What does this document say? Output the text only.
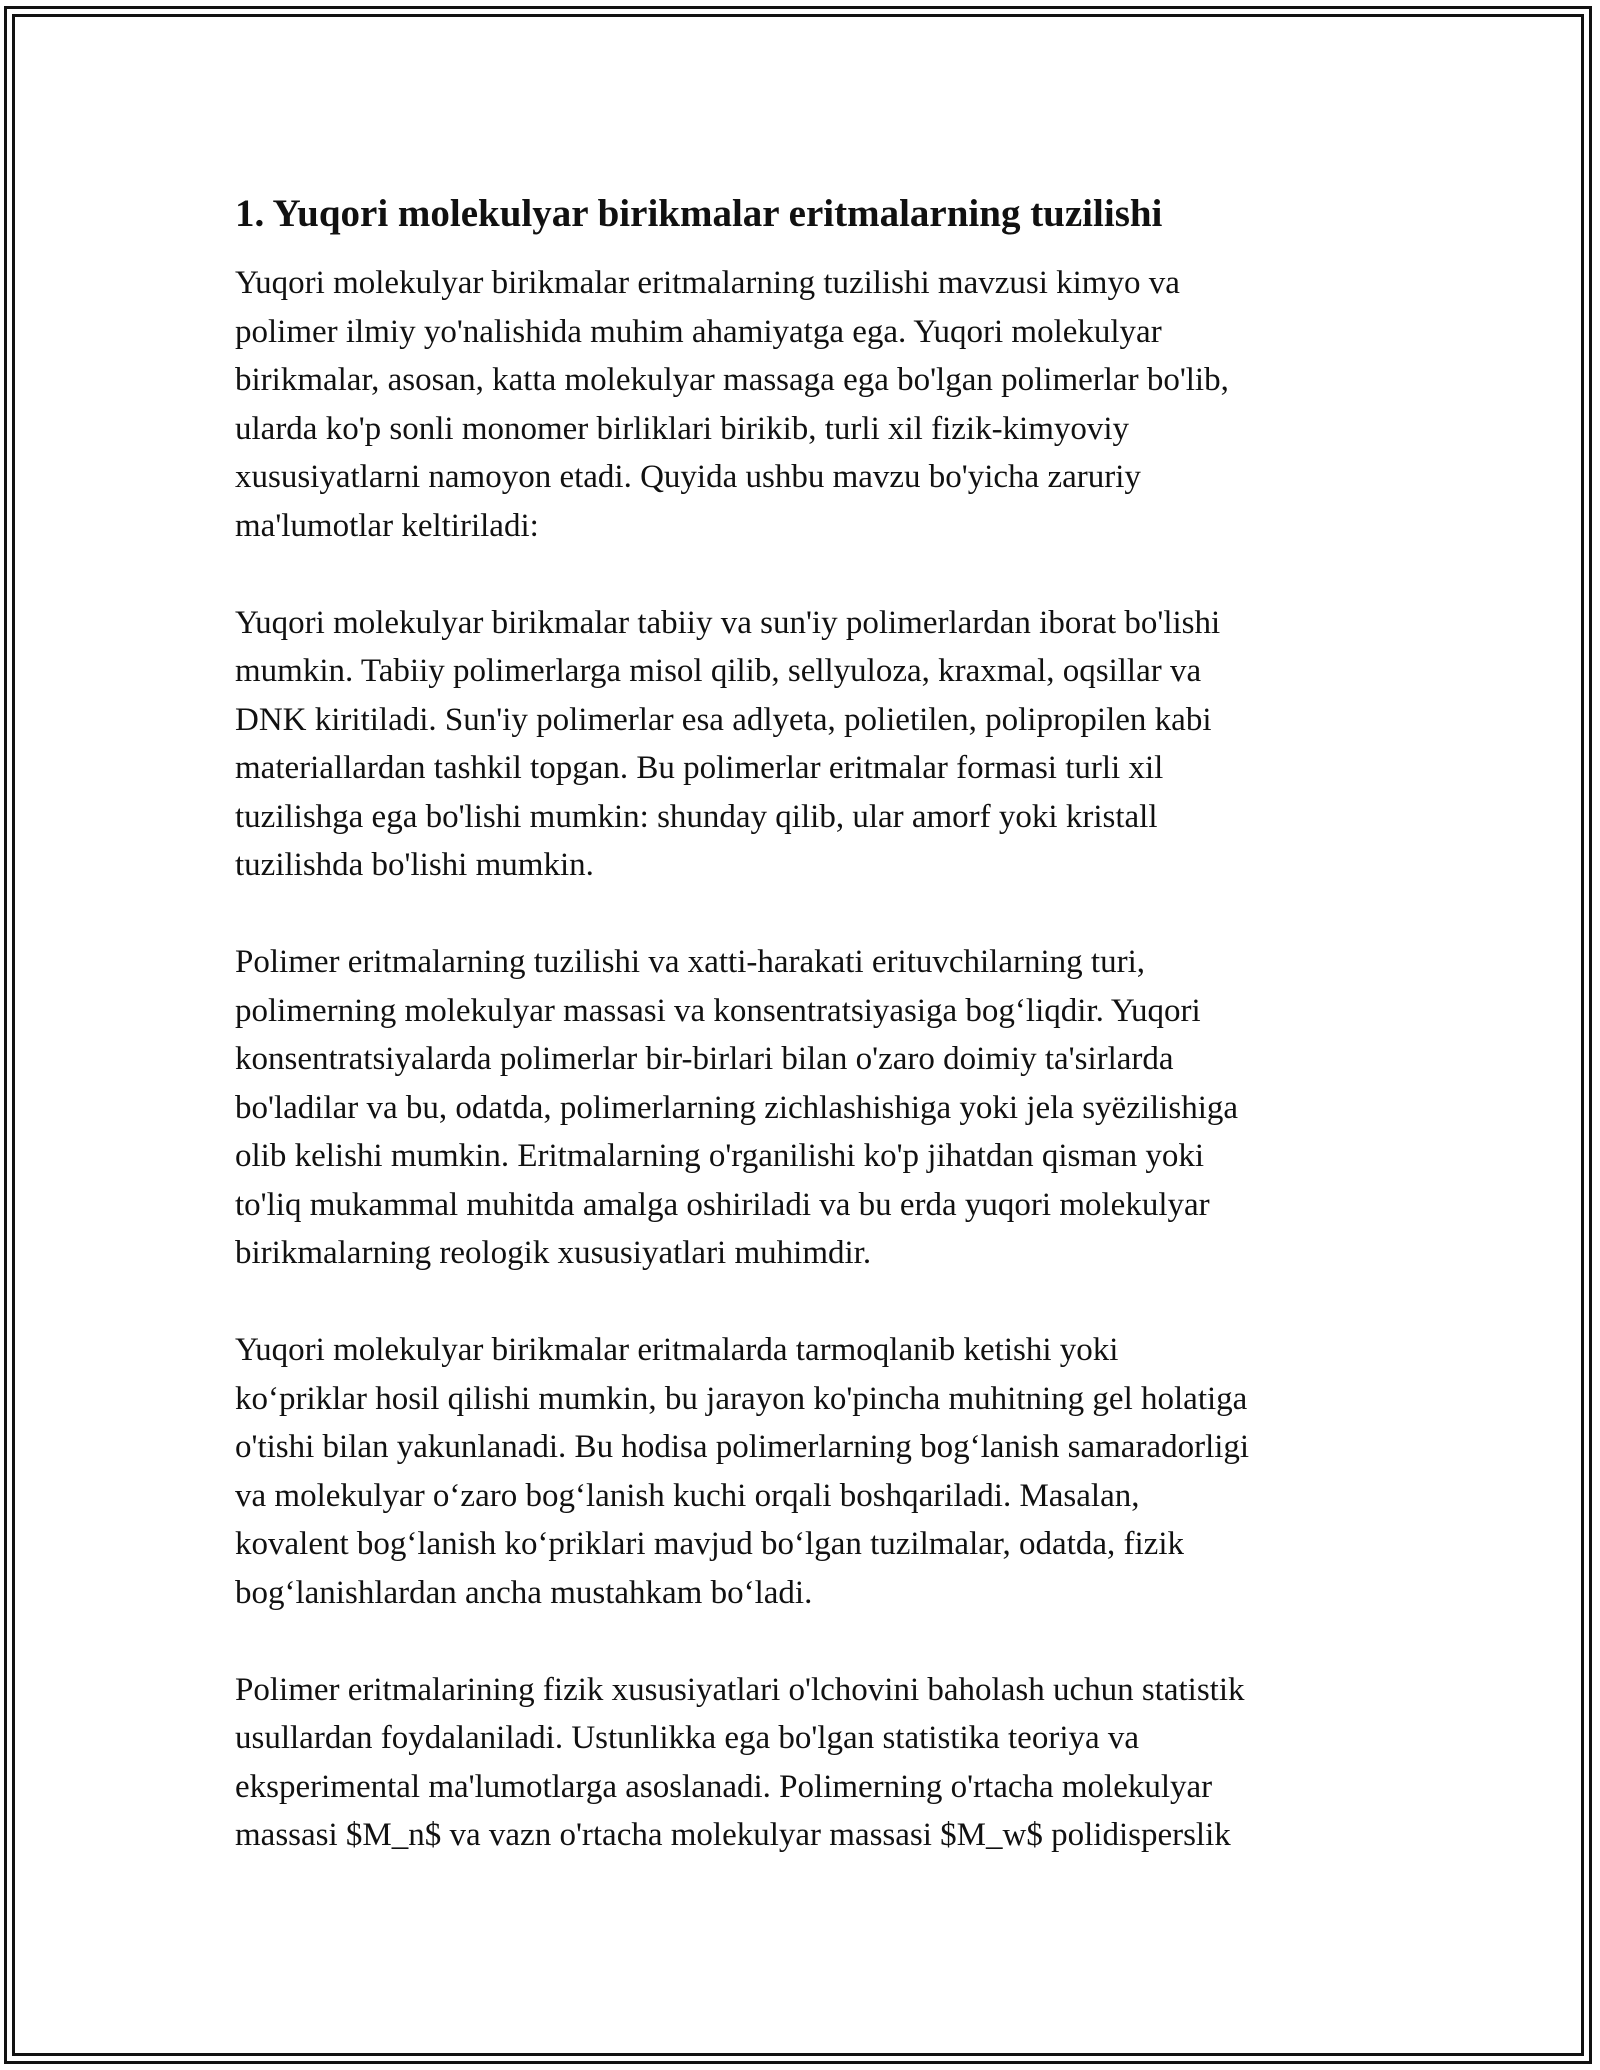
1. Yuqori molekulyar birikmalar eritmalarning tuzilishi

Yuqori molekulyar birikmalar eritmalarning tuzilishi mavzusi kimyo va
polimer ilmiy yo'nalishida muhim ahamiyatga ega. Yuqori molekulyar
birikmalar, asosan, katta molekulyar massaga ega bo'lgan polimerlar bo'lib,
ularda ko'p sonli monomer birliklari birikib, turli xil fizik-kimyoviy
xususiyatlarni namoyon etadi. Quyida ushbu mavzu bo'yicha zaruriy
ma'lumotlar keltiriladi:

Yuqori molekulyar birikmalar tabiiy va sun'iy polimerlardan iborat bo'lishi
mumkin. Tabiiy polimerlarga misol qilib, sellyuloza, kraxmal, oqsillar va
DNK kiritiladi. Sun'iy polimerlar esa adlyeta, polietilen, polipropilen kabi
materiallardan tashkil topgan. Bu polimerlar eritmalar formasi turli xil
tuzilishga ega bo'lishi mumkin: shunday qilib, ular amorf yoki kristall
tuzilishda bo'lishi mumkin.

Polimer eritmalarning tuzilishi va xatti-harakati erituvchilarning turi,
polimerning molekulyar massasi va konsentratsiyasiga bog‘liqdir. Yuqori
konsentratsiyalarda polimerlar bir-birlari bilan o'zaro doimiy ta'sirlarda
bo'ladilar va bu, odatda, polimerlarning zichlashishiga yoki jela syëzilishiga
olib kelishi mumkin. Eritmalarning o'rganilishi ko'p jihatdan qisman yoki
to'liq mukammal muhitda amalga oshiriladi va bu erda yuqori molekulyar
birikmalarning reologik xususiyatlari muhimdir.

Yuqori molekulyar birikmalar eritmalarda tarmoqlanib ketishi yoki
ko‘priklar hosil qilishi mumkin, bu jarayon ko'pincha muhitning gel holatiga
o'tishi bilan yakunlanadi. Bu hodisa polimerlarning bog‘lanish samaradorligi
va molekulyar o‘zaro bog‘lanish kuchi orqali boshqariladi. Masalan,
kovalent bog‘lanish ko‘priklari mavjud bo‘lgan tuzilmalar, odatda, fizik
bog‘lanishlardan ancha mustahkam bo‘ladi.

Polimer eritmalarining fizik xususiyatlari o'lchovini baholash uchun statistik
usullardan foydalaniladi. Ustunlikka ega bo'lgan statistika teoriya va
eksperimental ma'lumotlarga asoslanadi. Polimerning o'rtacha molekulyar
massasi $M_n$ va vazn o'rtacha molekulyar massasi $M_w$ polidisperslik
